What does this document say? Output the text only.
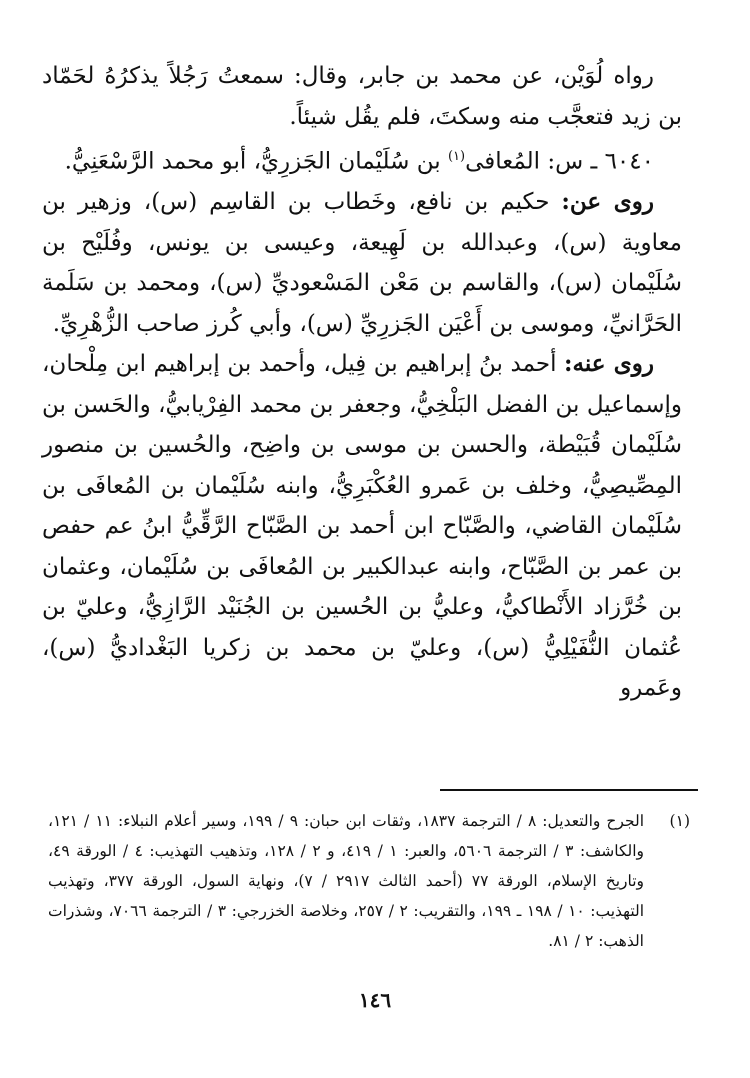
رواه لُوَيْن، عن محمد بن جابر، وقال: سمعتُ رَجُلاً يذكرُهُ لحَمّاد بن زيد فتعجَّب منه وسكتَ، فلم يقُل شيئاً.

٦٠٤٠ ـ س: المُعافى$^{(١)}$ بن سُلَيْمان الجَزرِيُّ، أبو محمد الرَّسْعَنِيُّ.

روى عن: حكيم بن نافع، وخَطاب بن القاسِم (س)، وزهير بن معاوية (س)، وعبدالله بن لَهِيعة، وعيسى بن يونس، وفُلَيْح بن سُلَيْمان (س)، والقاسم بن مَعْن المَسْعوديِّ (س)، ومحمد بن سَلَمة الحَرَّانيِّ، وموسى بن أَعْيَن الجَزرِيِّ (س)، وأبي كُرز صاحب الزُّهْرِيِّ.

روى عنه: أحمد بنُ إبراهيم بن فِيل، وأحمد بن إبراهيم ابن مِلْحان، وإسماعيل بن الفضل البَلْخِيُّ، وجعفر بن محمد الفِرْيابيُّ، والحَسن بن سُلَيْمان قُبَيْطة، والحسن بن موسى بن واضِح، والحُسين بن منصور المِصِّيصِيُّ، وخلف بن عَمرو العُكْبَرِيُّ، وابنه سُلَيْمان بن المُعافَى بن سُلَيْمان القاضي، والصَّبّاح ابن أحمد بن الصَّبّاح الرَّقِّيُّ ابنُ عم حفص بن عمر بن الصَّبّاح، وابنه عبدالكبير بن المُعافَى بن سُلَيْمان، وعثمان بن خُرَّزاد الأَنْطاكيُّ، وعليُّ بن الحُسين بن الجُنَيْد الرَّازِيُّ، وعليّ بن عُثمان النُّفَيْلِيُّ (س)، وعليّ بن محمد بن زكريا البَغْداديُّ (س)، وعَمرو

(١)
الجرح والتعديل: ٨ / الترجمة ١٨٣٧، وثقات ابن حبان: ٩ / ١٩٩، وسير أعلام النبلاء: ١١ / ١٢١، والكاشف: ٣ / الترجمة ٥٦٠٦، والعبر: ١ / ٤١٩، و ٢ / ١٢٨، وتذهيب التهذيب: ٤ / الورقة ٤٩، وتاريخ الإسلام، الورقة ٧٧ (أحمد الثالث ٢٩١٧ / ٧)، ونهاية السول، الورقة ٣٧٧، وتهذيب التهذيب: ١٠ / ١٩٨ ـ ١٩٩، والتقريب: ٢ / ٢٥٧، وخلاصة الخزرجي: ٣ / الترجمة ٧٠٦٦، وشذرات الذهب: ٢ / ٨١.
١٤٦
